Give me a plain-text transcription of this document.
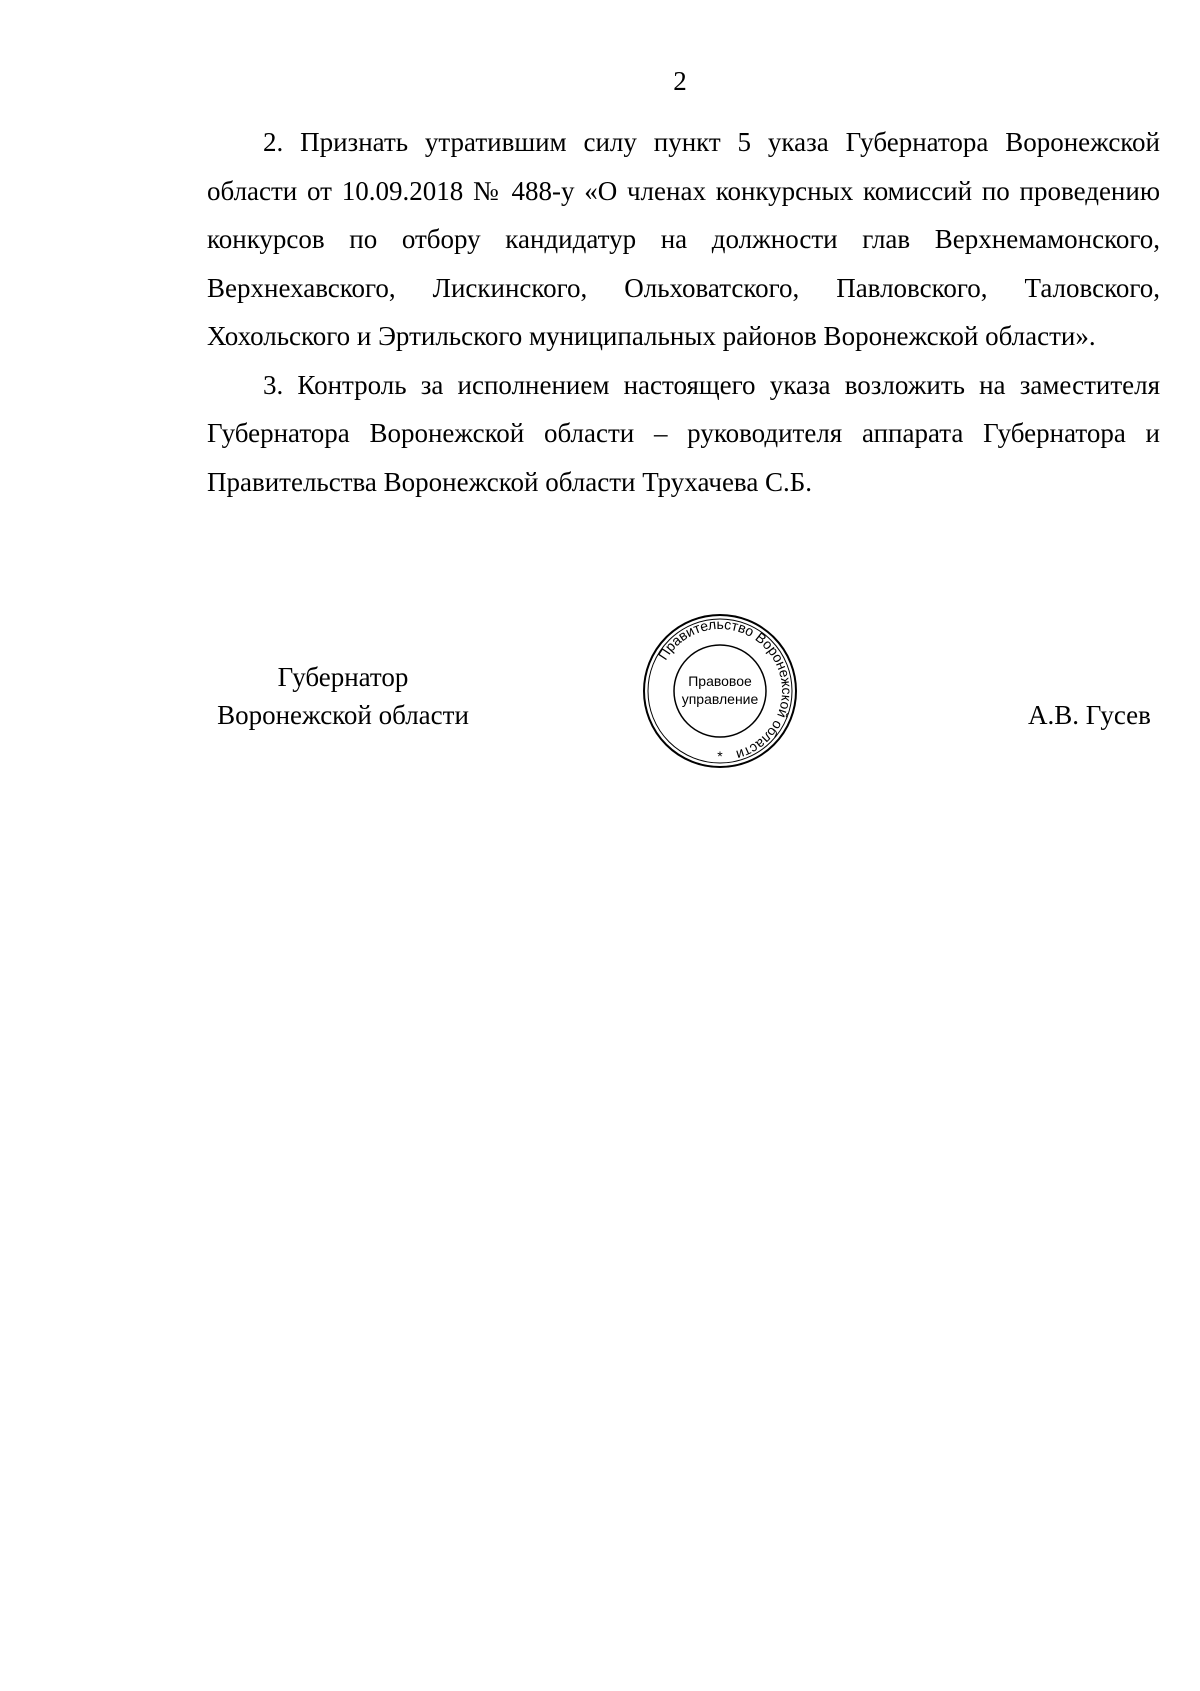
2

2. Признать утратившим силу пункт 5 указа Губернатора Воронежской области от 10.09.2018 № 488-у «О членах конкурсных комиссий по проведению конкурсов по отбору кандидатур на должности глав Верхнемамонского, Верхнехавского, Лискинского, Ольховатского, Павловского, Таловского, Хохольского и Эртильского муниципальных районов Воронежской области».

3. Контроль за исполнением настоящего указа возложить на заместителя Губернатора Воронежской области – руководителя аппарата Губернатора и Правительства Воронежской области Трухачева С.Б.

Губернатор
Воронежской области
Правительство Воронежской области
Правовое
управление
*
А.В. Гусев
